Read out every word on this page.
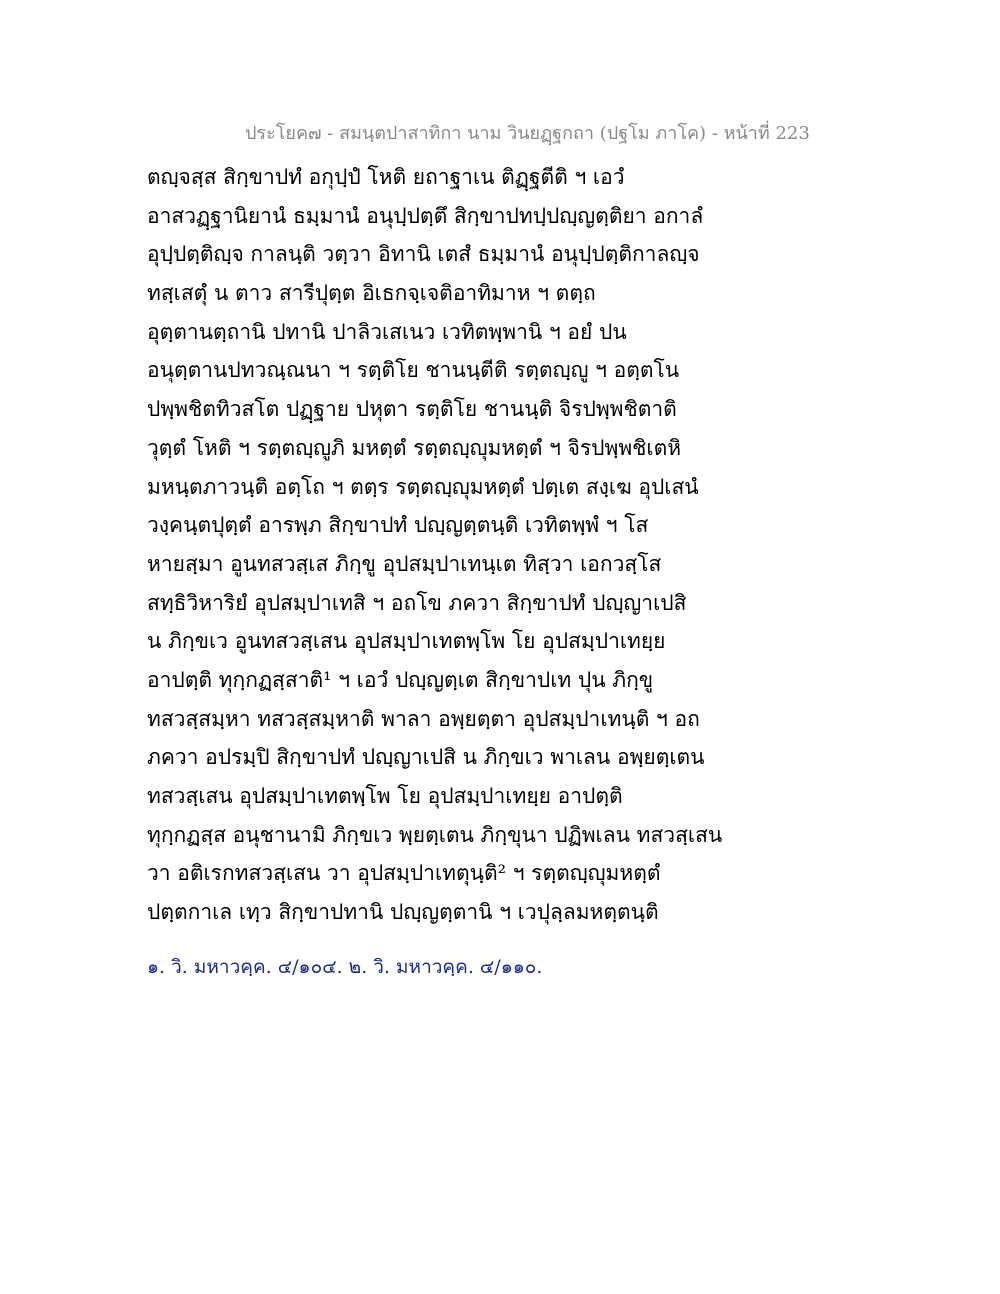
ประโยค๗ - สมนฺตปาสาทิกา นาม วินยฏฺฐกถา (ปฐโม ภาโค) - หน้าที่ 223
ตญฺจสฺส สิกฺขาปทํ อกุปฺปํ โหติ ยถาฐาเน ติฏฺฐตีติ ฯ เอวํ
อาสวฏฺฐานิยานํ ธมฺมานํ อนุปฺปตฺตึ สิกฺขาปทปฺปญฺญตฺติยา อกาลํ
อุปฺปตฺติญฺจ กาลนฺติ วตฺวา อิทานิ เตสํ ธมฺมานํ อนุปฺปตฺติกาลญฺจ
ทสฺเสตุํ น ตาว สารีปุตฺต อิเธกจฺเจติอาทิมาห ฯ ตตฺถ
อุตฺตานตฺถานิ ปทานิ ปาลิวเสเนว เวทิตพฺพานิ ฯ อยํ ปน
อนุตฺตานปทวณฺณนา ฯ รตฺติโย ชานนฺตีติ รตฺตญฺญู ฯ อตฺตโน
ปพฺพชิตทิวสโต ปฏฺฐาย ปหุตา รตฺติโย ชานนฺติ จิรปพฺพชิตาติ
วุตฺตํ โหติ ฯ รตฺตญฺญูภิ มหตฺตํ รตฺตญฺญุมหตฺตํ ฯ จิรปพฺพชิเตหิ
มหนฺตภาวนฺติ อตฺโถ ฯ ตตฺร รตฺตญฺญุมหตฺตํ ปตฺเต สงฺเฆ อุปเสนํ
วงฺคนฺตปุตฺตํ อารพฺภ สิกฺขาปทํ ปญฺญตฺตนฺติ เวทิตพฺพํ ฯ โส
หายสฺมา อูนทสวสฺเส ภิกฺขู อุปสมฺปาเทนฺเต ทิสฺวา เอกวสฺโส
สทฺธิวิหาริยํ อุปสมฺปาเทสิ ฯ อถโข ภควา สิกฺขาปทํ ปญฺญาเปสิ
น ภิกฺขเว อูนทสวสฺเสน อุปสมฺปาเทตพฺโพ โย อุปสมฺปาเทยฺย
อาปตฺติ ทุกฺกฏสฺสาติ¹ ฯ เอวํ ปญฺญตฺเต สิกฺขาปเท ปุน ภิกฺขู
ทสวสฺสมฺหา ทสวสฺสมฺหาติ พาลา อพฺยตฺตา อุปสมฺปาเทนฺติ ฯ อถ
ภควา อปรมฺปิ สิกฺขาปทํ ปญฺญาเปสิ น ภิกฺขเว พาเลน อพฺยตฺเตน
ทสวสฺเสน อุปสมฺปาเทตพฺโพ โย อุปสมฺปาเทยฺย อาปตฺติ
ทุกฺกฏสฺส อนุชานามิ ภิกฺขเว พฺยตฺเตน ภิกฺขุนา ปฏิพเลน ทสวสฺเสน
วา อติเรกทสวสฺเสน วา อุปสมฺปาเทตุนฺติ² ฯ รตฺตญฺญุมหตฺตํ
ปตฺตกาเล เทฺว สิกฺขาปทานิ ปญฺญตฺตานิ ฯ เวปุลฺลมหตฺตนฺติ
๑. วิ. มหาวคฺค. ๔/๑๐๔. ๒. วิ. มหาวคฺค. ๔/๑๑๐.
